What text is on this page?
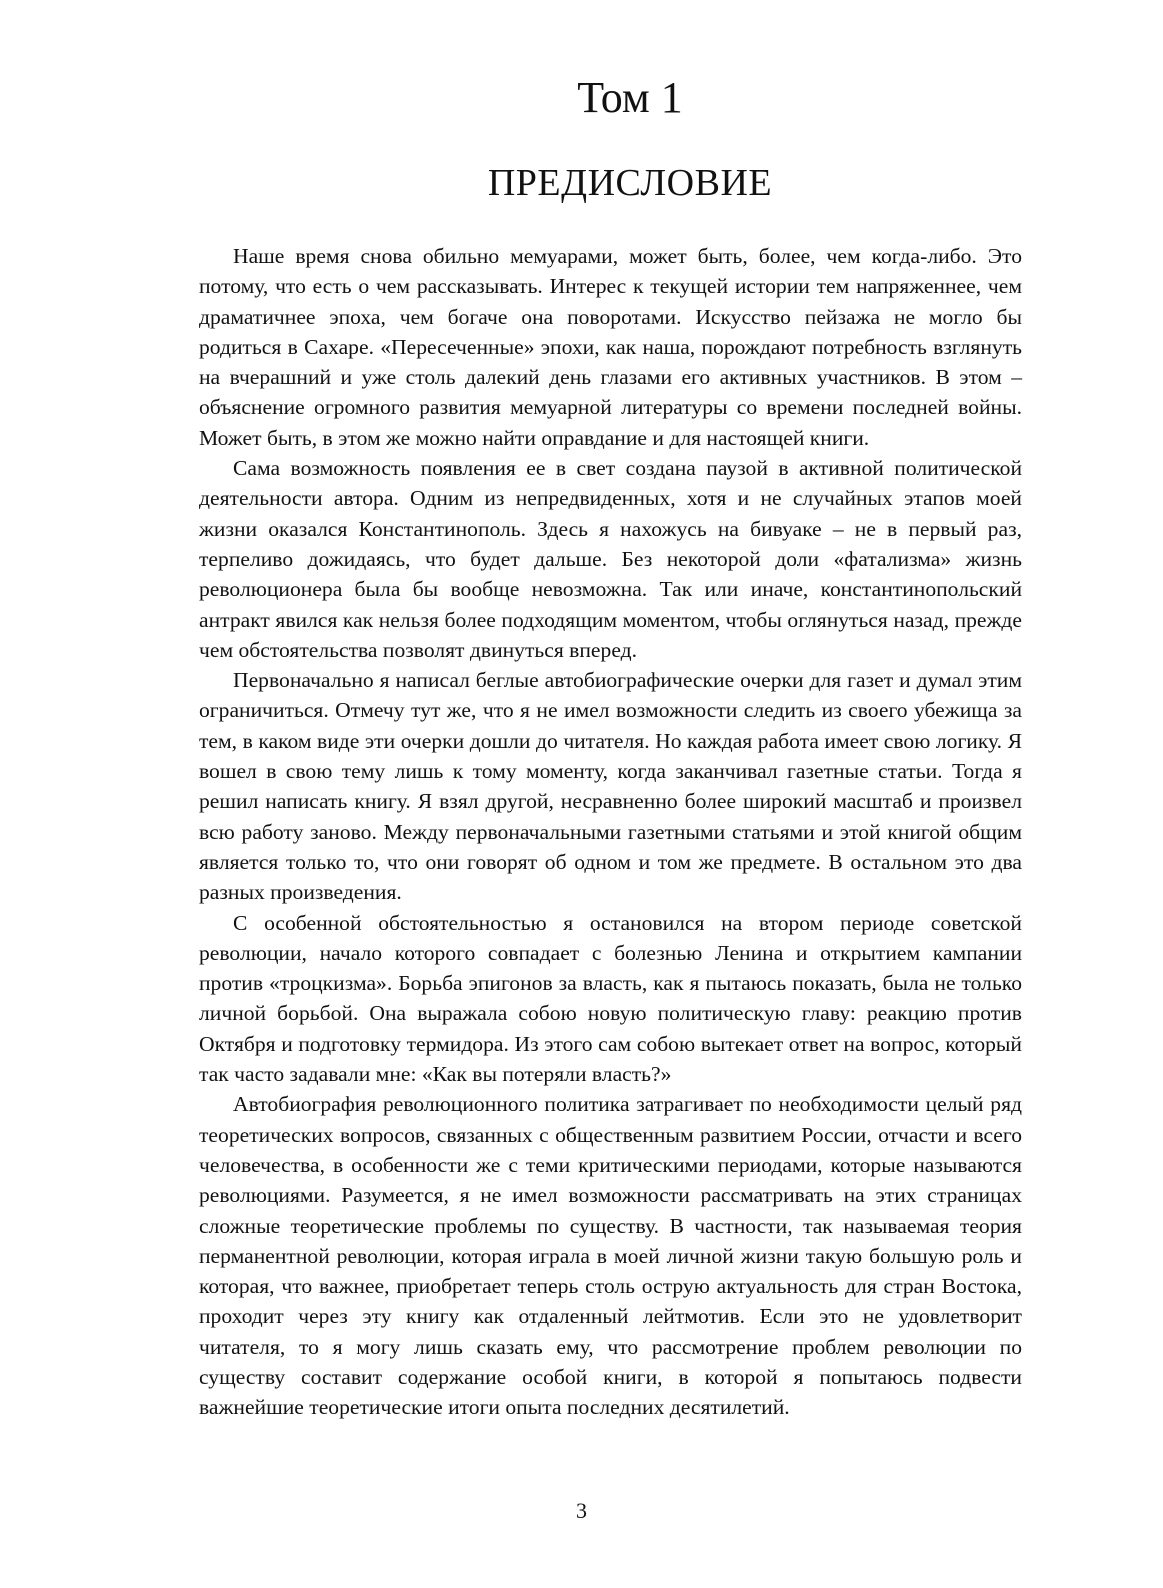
Том 1
ПРЕДИСЛОВИЕ

Наше время снова обильно мемуарами, может быть, более, чем когда-либо. Это потому, что есть о чем рассказывать. Интерес к текущей истории тем напряженнее, чем драматичнее эпоха, чем богаче она поворотами. Искусство пейзажа не могло бы родиться в Сахаре. «Пересеченные» эпохи, как наша, порождают потребность взглянуть на вчерашний и уже столь далекий день глазами его активных участников. В этом – объяснение огромного развития мемуарной литературы со времени последней войны. Может быть, в этом же можно найти оправдание и для настоящей книги.

Сама возможность появления ее в свет создана паузой в активной политической деятельности автора. Одним из непредвиденных, хотя и не случайных этапов моей жизни оказался Константинополь. Здесь я нахожусь на бивуаке – не в первый раз, терпеливо дожидаясь, что будет дальше. Без некоторой доли «фатализма» жизнь революционера была бы вообще невозможна. Так или иначе, константинопольский антракт явился как нельзя более подходящим моментом, чтобы оглянуться назад, прежде чем обстоятельства позволят двинуться вперед.

Первоначально я написал беглые автобиографические очерки для газет и думал этим ограничиться. Отмечу тут же, что я не имел возможности следить из своего убежища за тем, в каком виде эти очерки дошли до читателя. Но каждая работа имеет свою логику. Я вошел в свою тему лишь к тому моменту, когда заканчивал газетные статьи. Тогда я решил написать книгу. Я взял другой, несравненно более широкий масштаб и произвел всю работу заново. Между первоначальными газетными статьями и этой книгой общим является только то, что они говорят об одном и том же предмете. В остальном это два разных произведения.

С особенной обстоятельностью я остановился на втором периоде советской революции, начало которого совпадает с болезнью Ленина и открытием кампании против «троцкизма». Борьба эпигонов за власть, как я пытаюсь показать, была не только личной борьбой. Она выражала собою новую политическую главу: реакцию против Октября и подготовку термидора. Из этого сам собою вытекает ответ на вопрос, который так часто задавали мне: «Как вы потеряли власть?»

Автобиография революционного политика затрагивает по необходимости целый ряд теоретических вопросов, связанных с общественным развитием России, отчасти и всего человечества, в особенности же с теми критическими периодами, которые называются революциями. Разумеется, я не имел возможности рассматривать на этих страницах сложные теоретические проблемы по существу. В частности, так называемая теория перманентной революции, которая играла в моей личной жизни такую большую роль и которая, что важнее, приобретает теперь столь острую актуальность для стран Востока, проходит через эту книгу как отдаленный лейтмотив. Если это не удовлетворит читателя, то я могу лишь сказать ему, что рассмотрение проблем революции по существу составит содержание особой книги, в которой я попытаюсь подвести важнейшие теоретические итоги опыта последних десятилетий.

3
